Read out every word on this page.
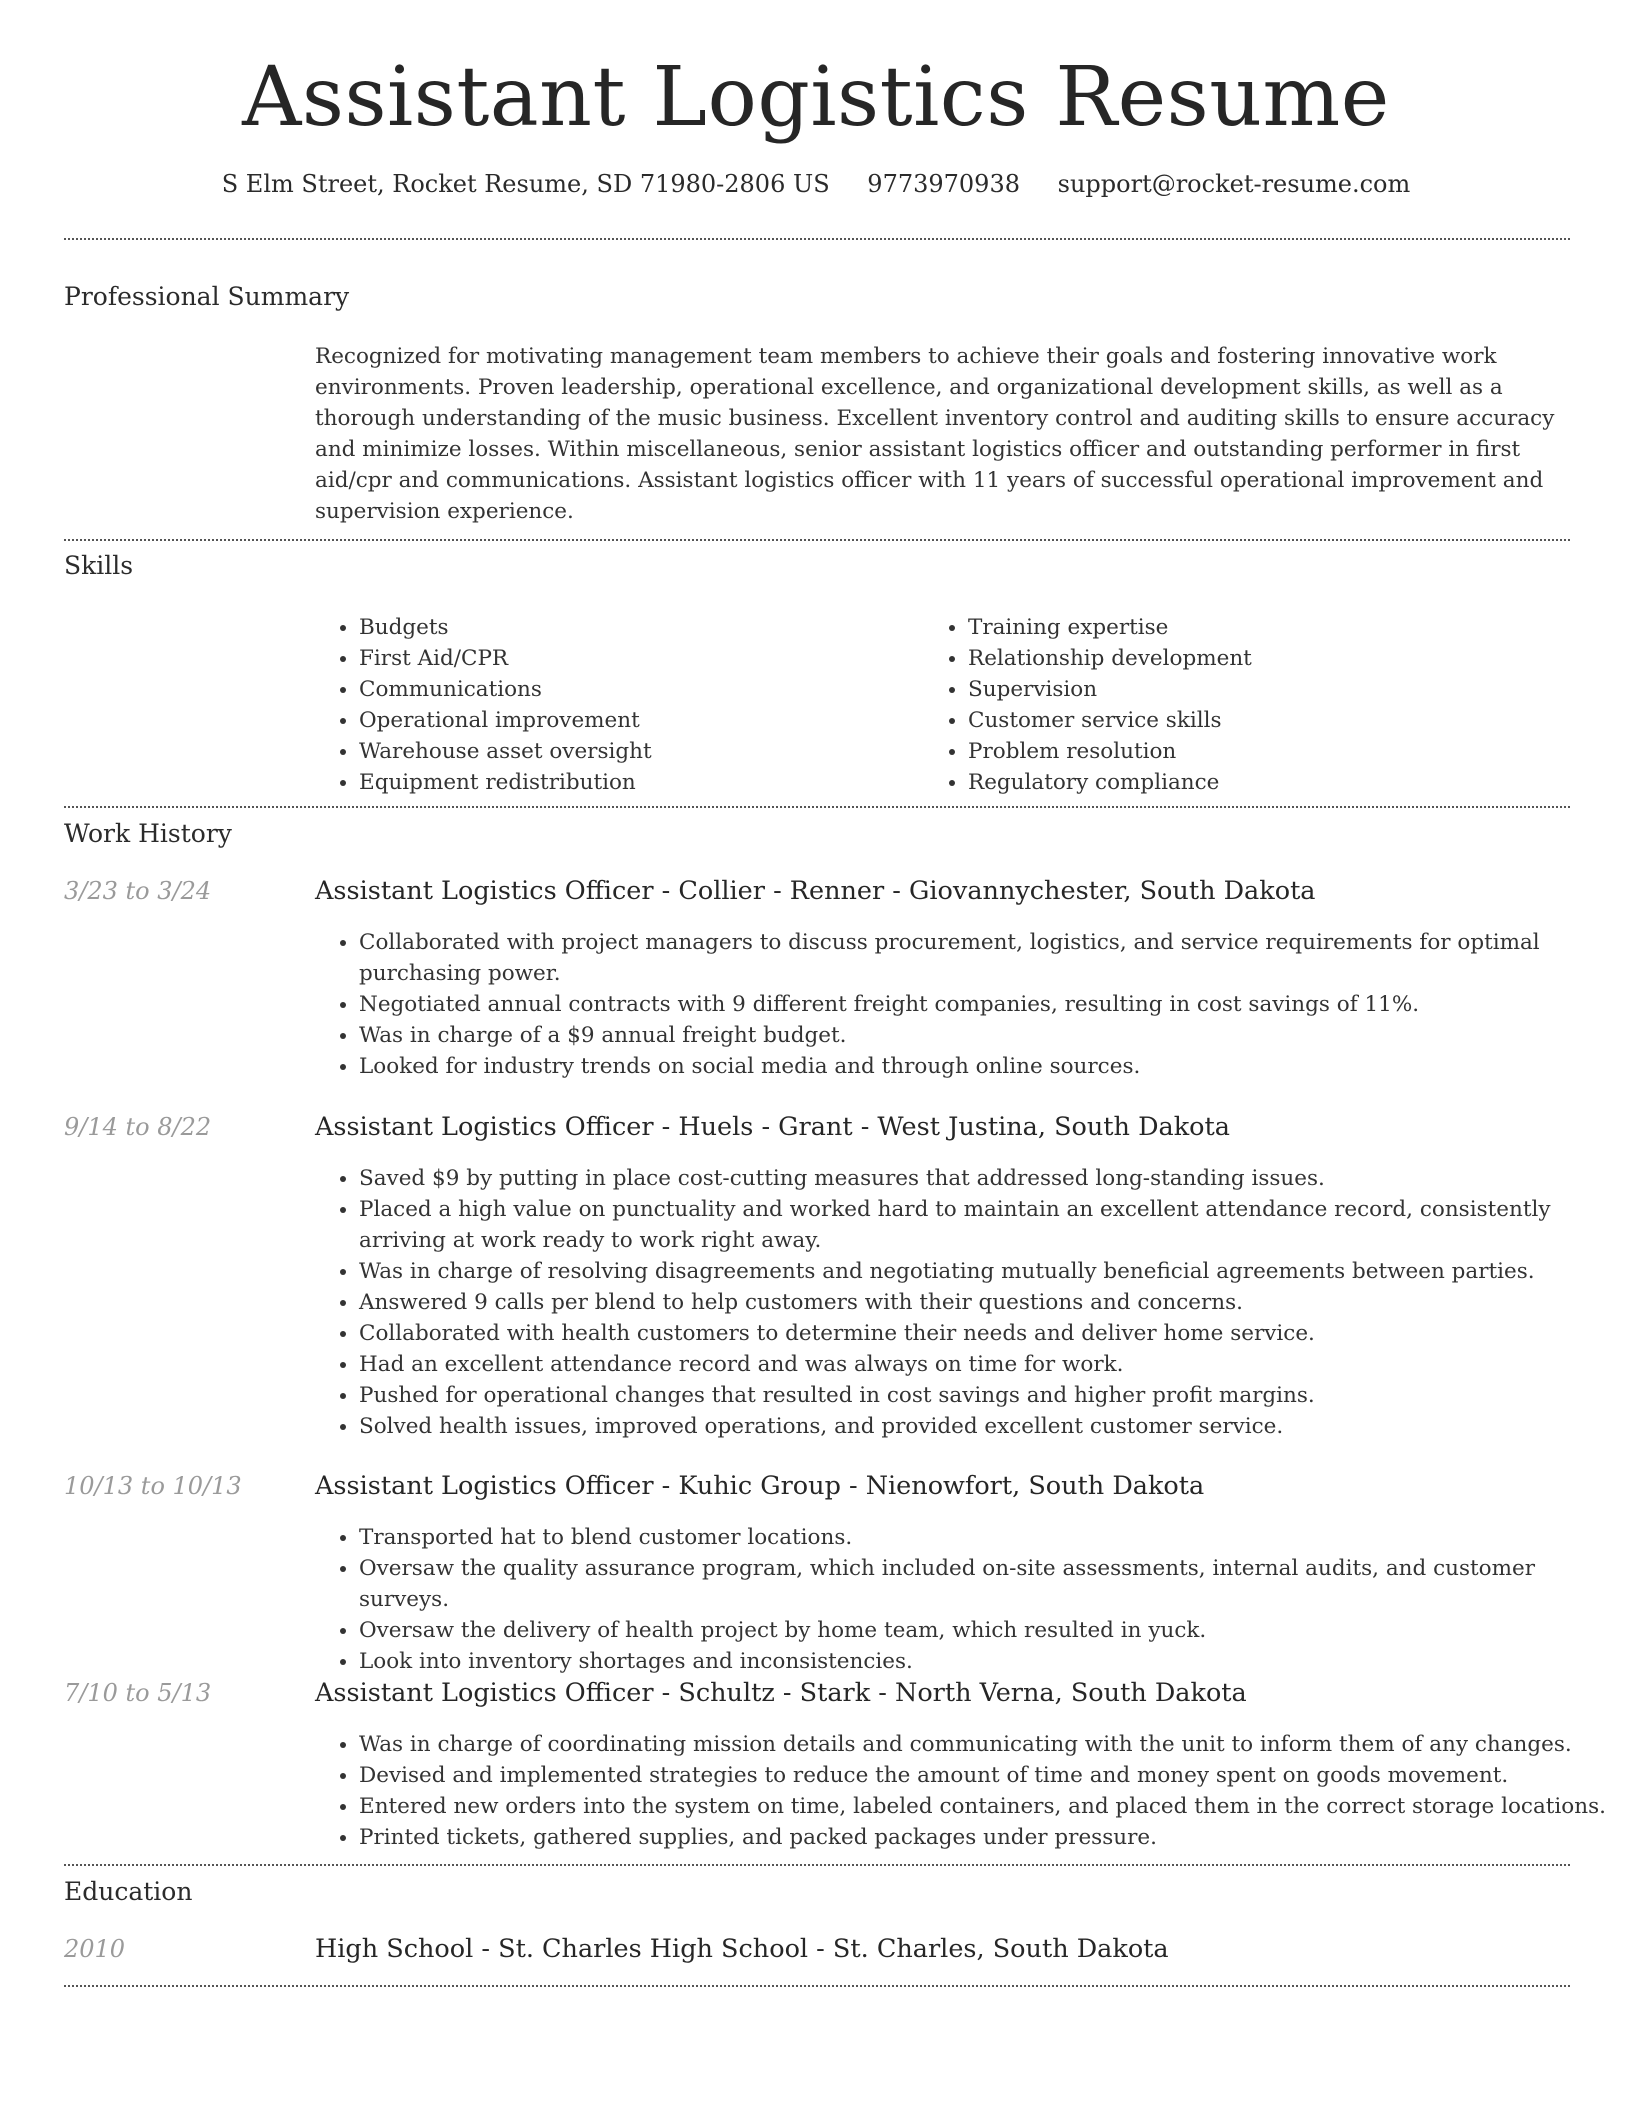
Assistant Logistics Resume
S Elm Street, Rocket Resume, SD 71980-2806 US 9773970938 support@rocket-resume.com
Professional Summary

Recognized for motivating management team members to achieve their goals and fostering innovative work environments. Proven leadership, operational excellence, and organizational development skills, as well as a thorough understanding of the music business. Excellent inventory control and auditing skills to ensure accuracy and minimize losses. Within miscellaneous, senior assistant logistics officer and outstanding performer in first aid/cpr and communications. Assistant logistics officer with 11 years of successful operational improvement and supervision experience.

Skills
• Budgets
• First Aid/CPR
• Communications
• Operational improvement
• Warehouse asset oversight
• Equipment redistribution
• Training expertise
• Relationship development
• Supervision
• Customer service skills
• Problem resolution
• Regulatory compliance
Work History
3/23 to 3/24	Assistant Logistics Officer - Collier - Renner - Giovannychester, South Dakota
• Collaborated with project managers to discuss procurement, logistics, and service requirements for optimal purchasing power.
• Negotiated annual contracts with 9 different freight companies, resulting in cost savings of 11%.
• Was in charge of a $9 annual freight budget.
• Looked for industry trends on social media and through online sources.
9/14 to 8/22	Assistant Logistics Officer - Huels - Grant - West Justina, South Dakota
• Saved $9 by putting in place cost-cutting measures that addressed long-standing issues.
• Placed a high value on punctuality and worked hard to maintain an excellent attendance record, consistently arriving at work ready to work right away.
• Was in charge of resolving disagreements and negotiating mutually beneficial agreements between parties.
• Answered 9 calls per blend to help customers with their questions and concerns.
• Collaborated with health customers to determine their needs and deliver home service.
• Had an excellent attendance record and was always on time for work.
• Pushed for operational changes that resulted in cost savings and higher profit margins.
• Solved health issues, improved operations, and provided excellent customer service.
10/13 to 10/13	Assistant Logistics Officer - Kuhic Group - Nienowfort, South Dakota
• Transported hat to blend customer locations.
• Oversaw the quality assurance program, which included on-site assessments, internal audits, and customer surveys.
• Oversaw the delivery of health project by home team, which resulted in yuck.
• Look into inventory shortages and inconsistencies.
7/10 to 5/13	Assistant Logistics Officer - Schultz - Stark - North Verna, South Dakota
• Was in charge of coordinating mission details and communicating with the unit to inform them of any changes.
• Devised and implemented strategies to reduce the amount of time and money spent on goods movement.
• Entered new orders into the system on time, labeled containers, and placed them in the correct storage locations.
• Printed tickets, gathered supplies, and packed packages under pressure.
Education
2010	High School - St. Charles High School - St. Charles, South Dakota
